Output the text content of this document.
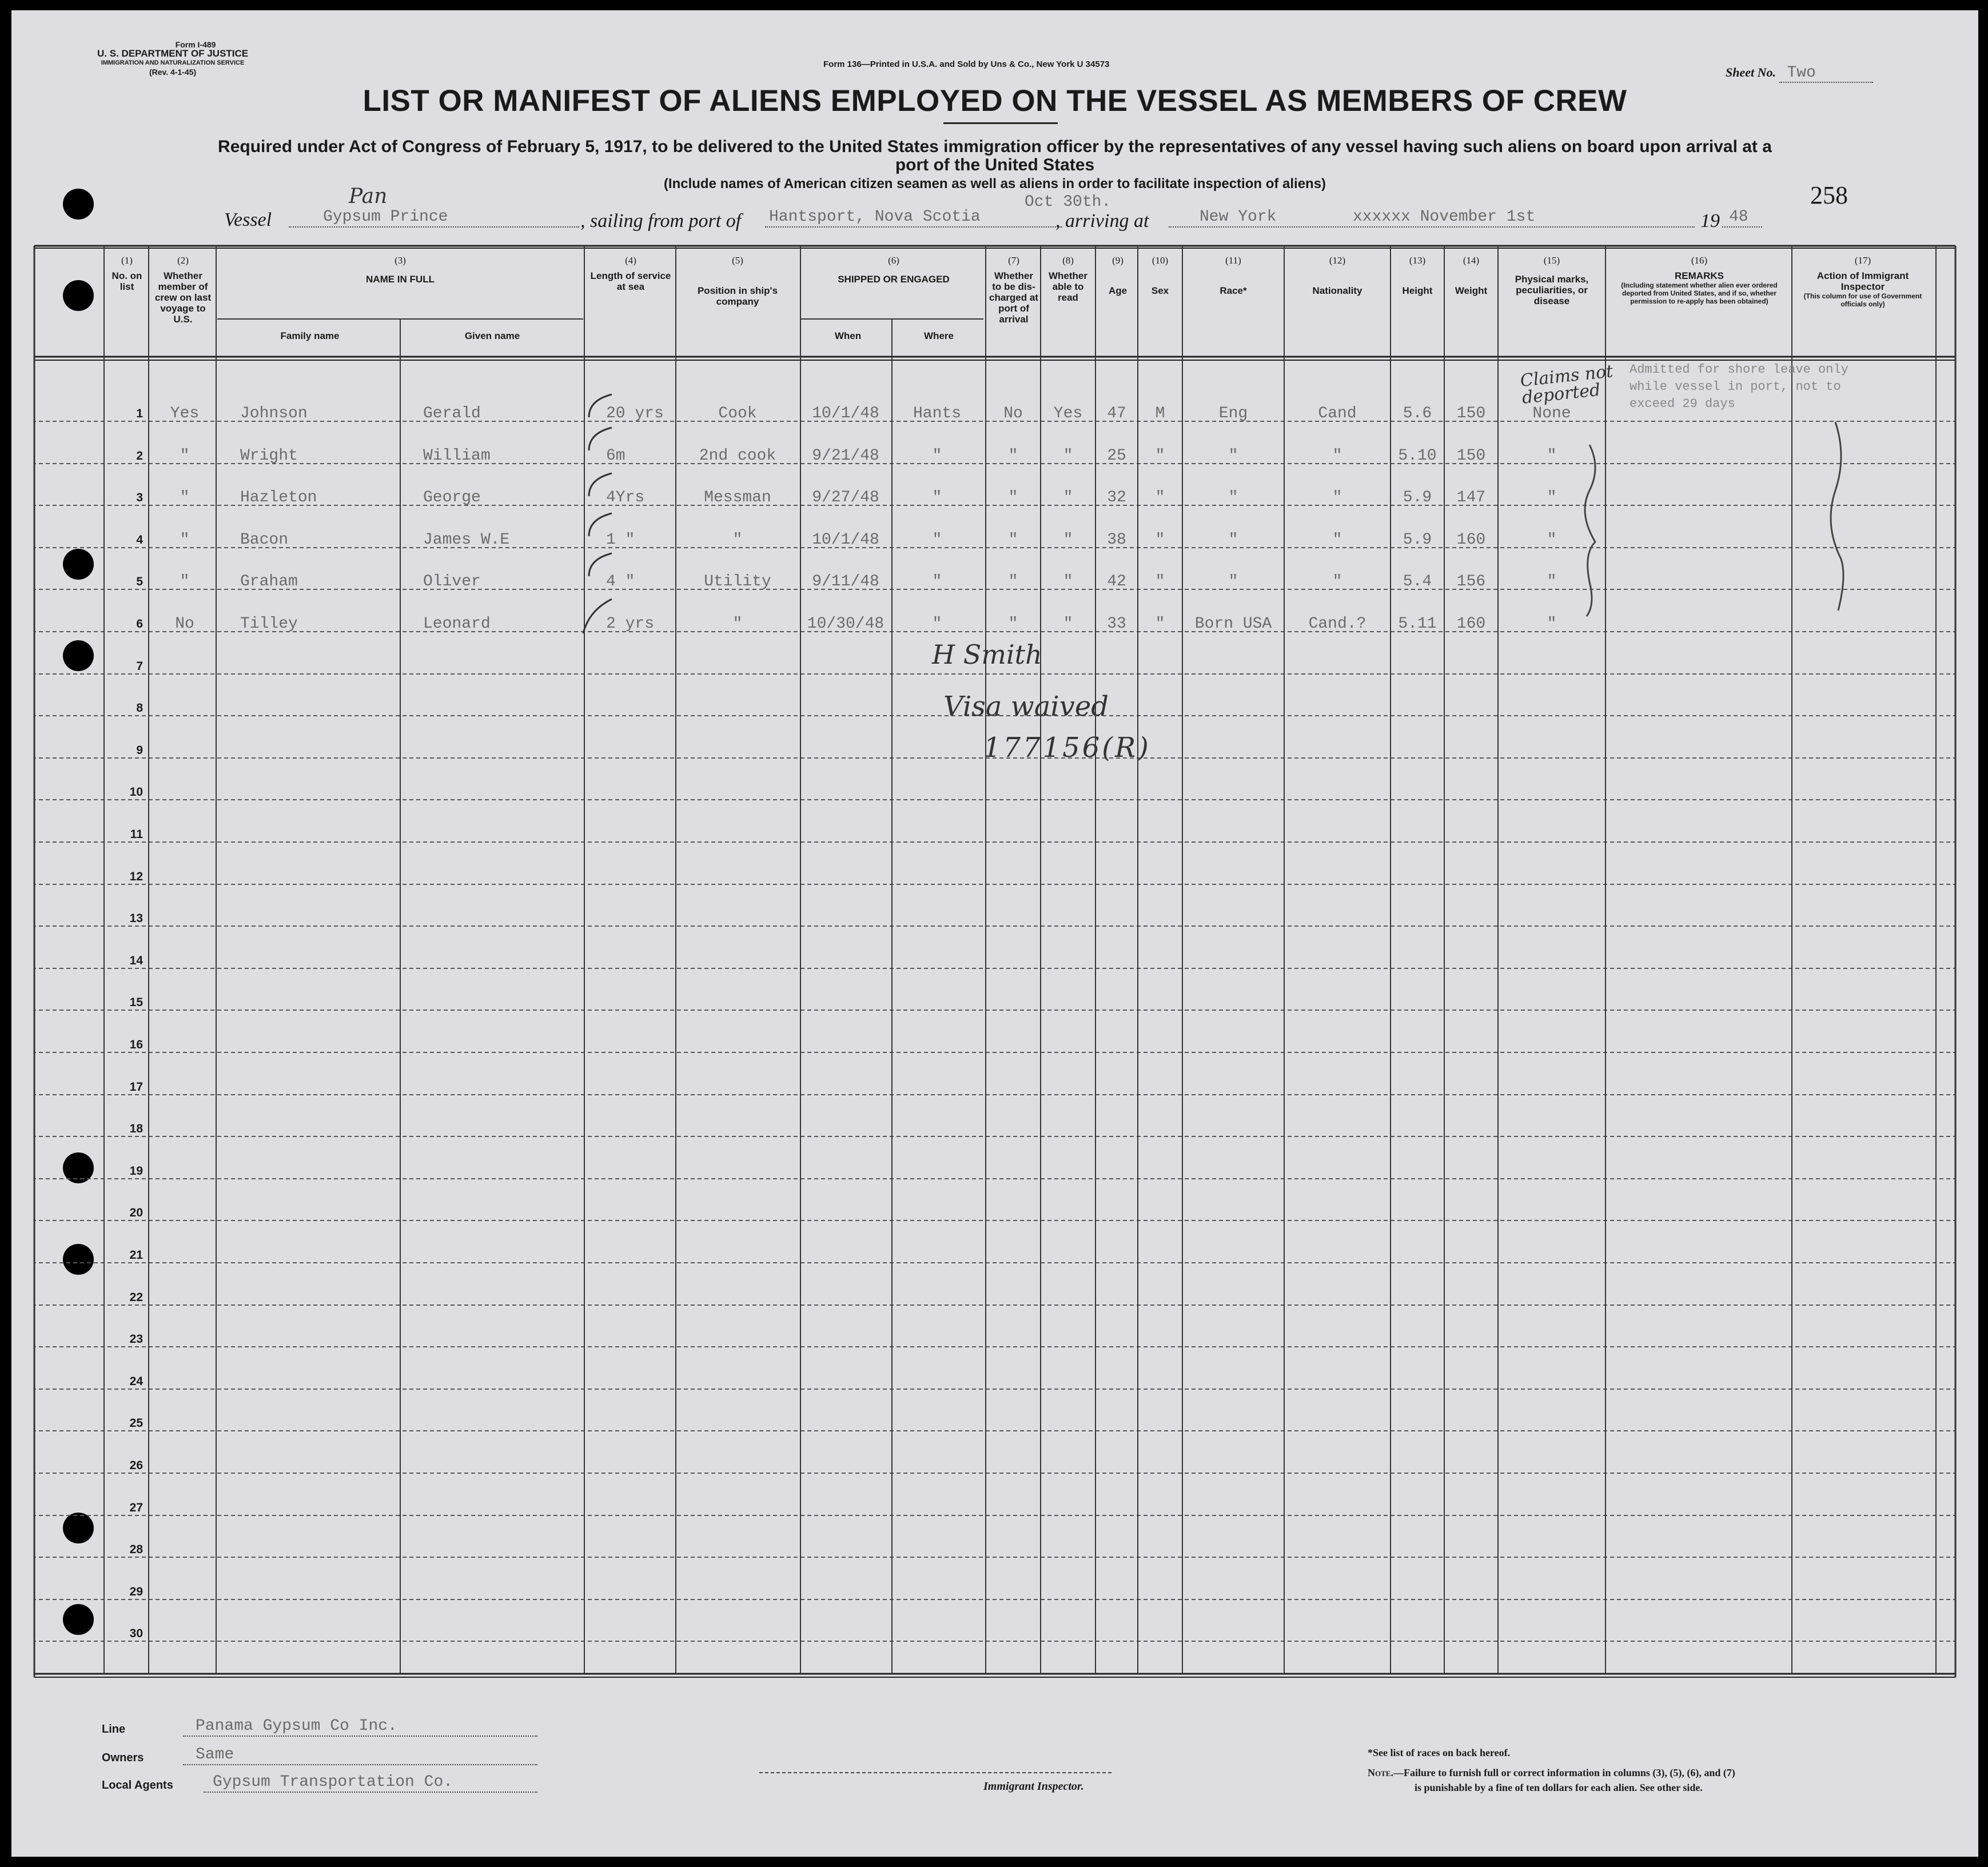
Form I-489
U. S. DEPARTMENT OF JUSTICE
IMMIGRATION AND NATURALIZATION SERVICE
(Rev. 4-1-45)
Form 136—Printed in U.S.A. and Sold by Uns & Co., New York U 34573
Sheet No. Two
LIST OR MANIFEST OF ALIENS EMPLOYED ON THE VESSEL AS MEMBERS OF CREW
Required under Act of Congress of February 5, 1917, to be delivered to the United States immigration officer by the representatives of any vessel having such aliens on board upon arrival at a
port of the United States
(Include names of American citizen seamen as well as aliens in order to facilitate inspection of aliens)	258
Vessel
Pan
Gypsum Prince	, sailing from port of Hantsport, Nova Scotia
Oct 30th.
, arriving at	New York	xxxxxx November 1st	19 48
(1)
No. on list
(2)
Whether member of crew on last voyage to U.S.
(3)
NAME IN FULL
Family name	Given name
(4)
Length of service at sea
(5)
Position in ship's company
(6)
SHIPPED OR ENGAGED
When	Where
(7)
Whether to be dis-charged at port of arrival
(8)
Whether able to read
(9)
Age
(10)
Sex
(11)
Race*
(12)
Nationality
(13)
Height
(14)
Weight
(15)
Physical marks, peculiarities, or disease
(16)
REMARKS
(Including statement whether alien ever ordered deported from United States, and if so, whether permission to re-apply has been obtained)
(17)
Action of Immigrant Inspector
(This column for use of Government officials only)
1	Yes	Johnson	Gerald	20 yrs	Cook	10/1/48	Hants	No	Yes	47	M	Eng	Cand	5.6	150	None
2	"	Wright	William	6m	2nd cook	9/21/48	"	"	"	25	"	"	"	5.10	150	"
3	"	Hazleton	George	4Yrs	Messman	9/27/48	"	"	"	32	"	"	"	5.9	147	"
4	"	Bacon	James W.E	1 "	"	10/1/48	"	"	"	38	"	"	"	5.9	160	"
5	"	Graham	Oliver	4 "	Utility	9/11/48	"	"	"	42	"	"	"	5.4	156	"
6	No	Tilley	Leonard	2 yrs	"	10/30/48	"	"	"	33	"	Born USA	Cand.?	5.11	160	"
7
8
9
10
11
12
13
14
15
16
17
18
19
20
21
22
23
24
25
26
27
28
29
30
Claims not deported
Admitted for shore leave only
while vessel in port, not to
exceed 29 days
H Smith
Visa waived
177156(R)
Line	Panama Gypsum Co Inc.
Owners	Same
Local Agents Gypsum Transportation Co.	Immigrant Inspector.
*See list of races on back hereof.
Note.—Failure to furnish full or correct information in columns (3), (5), (6), and (7)
is punishable by a fine of ten dollars for each alien. See other side.
